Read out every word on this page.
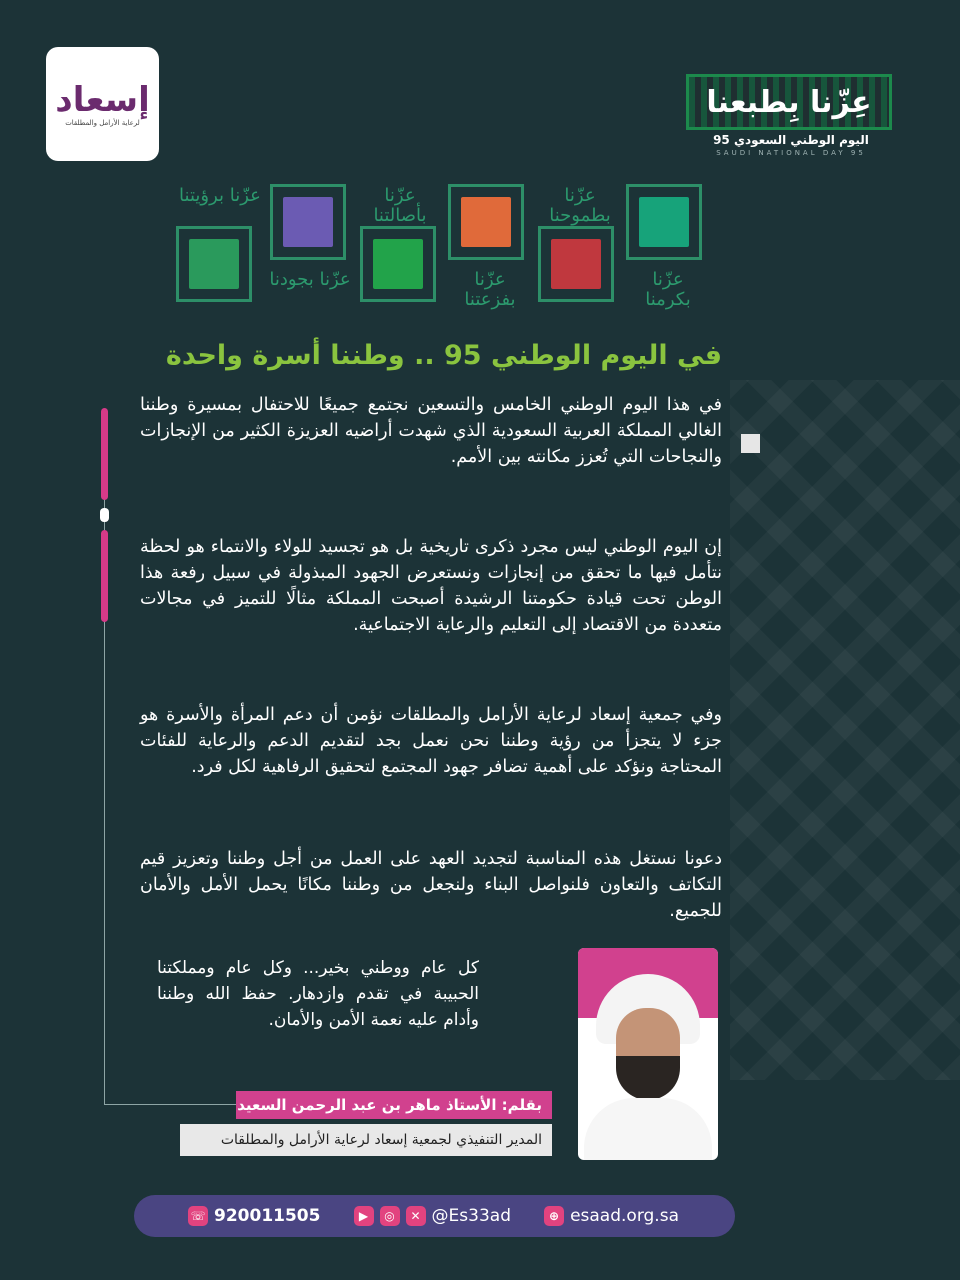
إسعاد
لرعاية الأرامل والمطلقات
عِزّنا بِطبعنا
اليوم الوطني السعودي 95
SAUDI NATIONAL DAY 95
عزّنا بطموحنا
عزّنا بأصالتنا
عزّنا برؤيتنا
عزّنا بكرمنا
عزّنا بفزعتنا
عزّنا بجودنا
في اليوم الوطني 95 .. وطننا أسرة واحدة
في هذا اليوم الوطني الخامس والتسعين نجتمع جميعًا للاحتفال بمسيرة وطننا الغالي المملكة العربية السعودية الذي شهدت أراضيه العزيزة الكثير من الإنجازات والنجاحات التي تُعزز مكانته بين الأمم.
إن اليوم الوطني ليس مجرد ذكرى تاريخية بل هو تجسيد للولاء والانتماء هو لحظة نتأمل فيها ما تحقق من إنجازات ونستعرض الجهود المبذولة في سبيل رفعة هذا الوطن تحت قيادة حكومتنا الرشيدة أصبحت المملكة مثالًا للتميز في مجالات متعددة من الاقتصاد إلى التعليم والرعاية الاجتماعية.
وفي جمعية إسعاد لرعاية الأرامل والمطلقات نؤمن أن دعم المرأة والأسرة هو جزء لا يتجزأ من رؤية وطننا نحن نعمل بجد لتقديم الدعم والرعاية للفئات المحتاجة ونؤكد على أهمية تضافر جهود المجتمع لتحقيق الرفاهية لكل فرد.
دعونا نستغل هذه المناسبة لتجديد العهد على العمل من أجل وطننا وتعزيز قيم التكاتف والتعاون فلنواصل البناء ولنجعل من وطننا مكانًا يحمل الأمل والأمان للجميع.
كل عام ووطني بخير... وكل عام ومملكتنا الحبيبة في تقدم وازدهار. حفظ الله وطننا وأدام عليه نعمة الأمن والأمان.
بقلم: الأستاذ ماهر بن عبد الرحمن السعيد
المدير التنفيذي لجمعية إسعاد لرعاية الأرامل والمطلقات
☏ 920011505	▶	◎	✕ @Es33ad	⊕ esaad.org.sa
